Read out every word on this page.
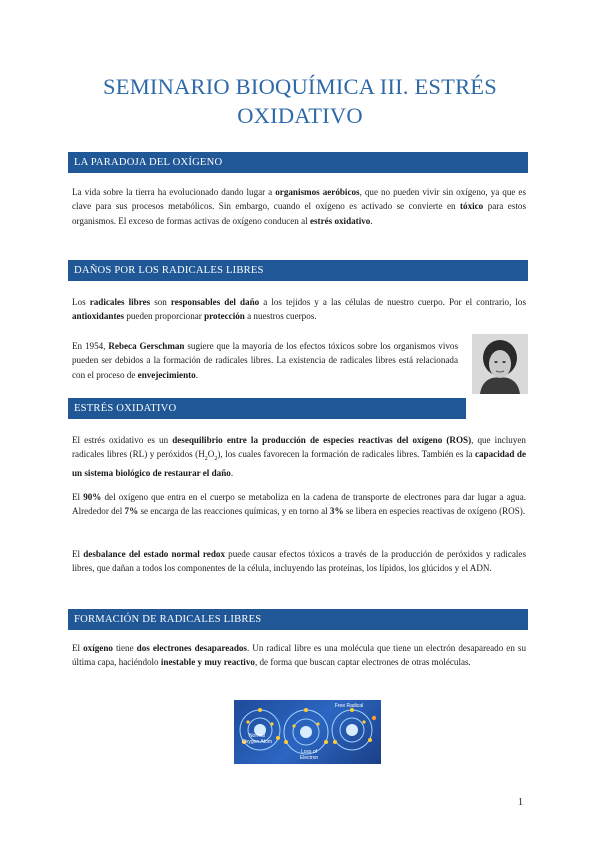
SEMINARIO BIOQUÍMICA III. ESTRÉS OXIDATIVO
LA PARADOJA DEL OXÍGENO

La vida sobre la tierra ha evolucionado dando lugar a organismos aeróbicos, que no pueden vivir sin oxígeno, ya que es clave para sus procesos metabólicos. Sin embargo, cuando el oxígeno es activado se convierte en tóxico para estos organismos. El exceso de formas activas de oxígeno conducen al estrés oxidativo.

DAÑOS POR LOS RADICALES LIBRES

Los radicales libres son responsables del daño a los tejidos y a las células de nuestro cuerpo. Por el contrario, los antioxidantes pueden proporcionar protección a nuestros cuerpos.

En 1954, Rebeca Gerschman sugiere que la mayoría de los efectos tóxicos sobre los organismos vivos pueden ser debidos a la formación de radicales libres. La existencia de radicales libres está relacionada con el proceso de envejecimiento.

ESTRÉS OXIDATIVO

El estrés oxidativo es un desequilibrio entre la producción de especies reactivas del oxígeno (ROS), que incluyen radicales libres (RL) y peróxidos $(H_2O_2)$, los cuales favorecen la formación de radicales libres. También es la capacidad de un sistema biológico de restaurar el daño.

El 90% del oxígeno que entra en el cuerpo se metaboliza en la cadena de transporte de electrones para dar lugar a agua. Alrededor del 7% se encarga de las reacciones químicas, y en torno al 3% se libera en especies reactivas de oxígeno (ROS).

El desbalance del estado normal redox puede causar efectos tóxicos a través de la producción de peróxidos y radicales libres, que dañan a todos los componentes de la célula, incluyendo las proteínas, los lípidos, los glúcidos y el ADN.

FORMACIÓN DE RADICALES LIBRES

El oxígeno tiene dos electrones desapareados. Un radical libre es una molécula que tiene un electrón desapareado en su última capa, haciéndolo inestable y muy reactivo, de forma que buscan captar electrones de otras moléculas.

Normal Oxygen Atom
Loss of Electron
Free Radical
1
